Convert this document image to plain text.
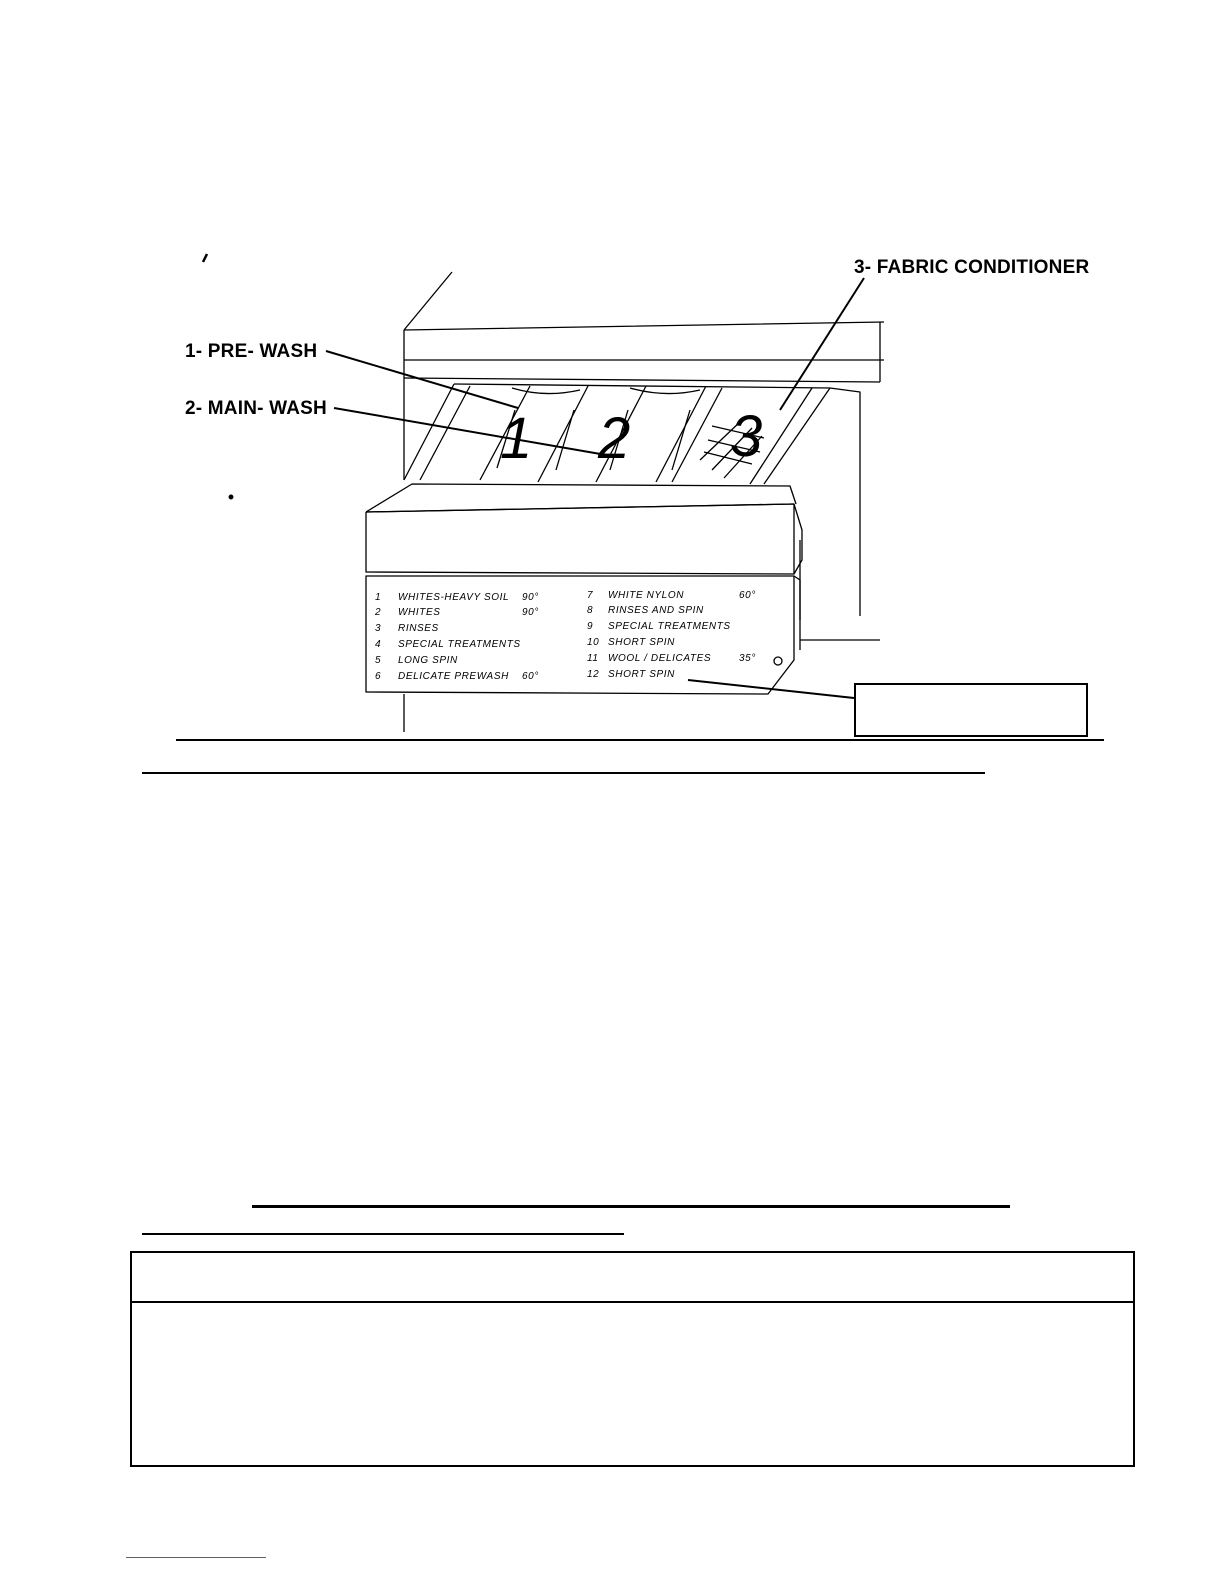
1 2 3
1- PRE- WASH
2- MAIN- WASH
3- FABRIC CONDITIONER
1 WHITES-HEAVY SOIL 90°
2 WHITES	90°
3 RINSES
4 SPECIAL TREATMENTS
5 LONG SPIN
6 DELICATE PREWASH 60°
7 WHITE NYLON	60°
8 RINSES AND SPIN
9 SPECIAL TREATMENTS
10 SHORT SPIN
11 WOOL / DELICATES	35°
12 SHORT SPIN
